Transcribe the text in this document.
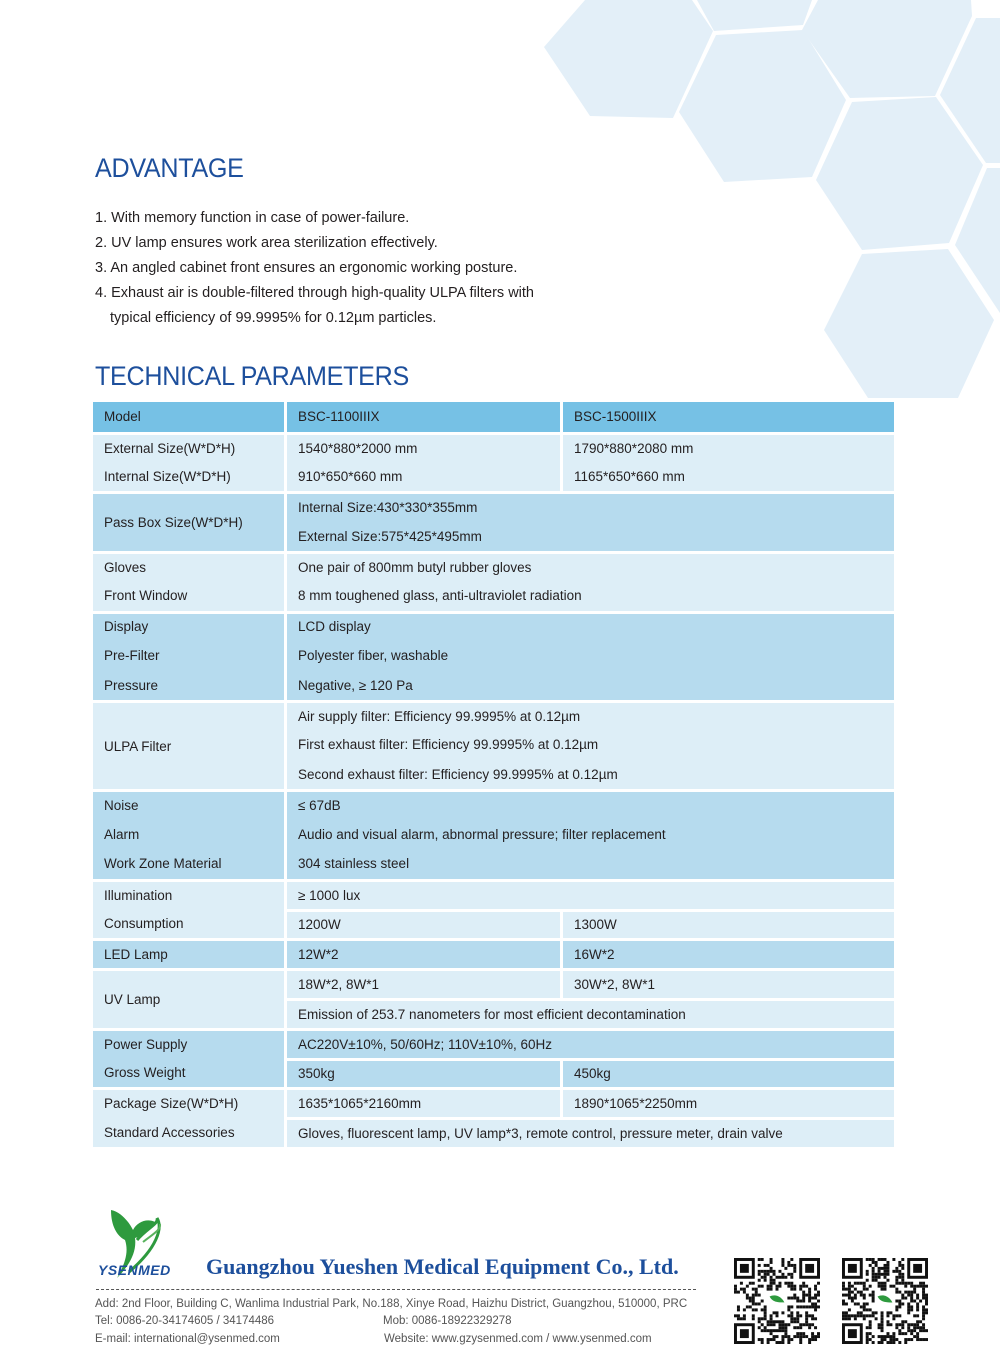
ADVANTAGE
1. With memory function in case of power-failure.
2. UV lamp ensures work area sterilization effectively.
3. An angled cabinet front ensures an ergonomic working posture.
4. Exhaust air is double-filtered through high-quality ULPA filters with
typical efficiency of 99.9995% for 0.12µm particles.
TECHNICAL PARAMETERS
Model	BSC-1100IIIX	BSC-1500IIIX
External Size(W*D*H)	1540*880*2000 mm	1790*880*2080 mm
Internal Size(W*D*H)	910*650*660 mm	1165*650*660 mm
Pass Box Size(W*D*H)	Internal Size:430*330*355mm	
	External Size:575*425*495mm	
Gloves	One pair of 800mm butyl rubber gloves	
Front Window	8 mm toughened glass, anti-ultraviolet radiation	
Display	LCD display	
Pre-Filter	Polyester fiber, washable	
Pressure	Negative, ≥ 120 Pa	
ULPA Filter	Air supply filter: Efficiency 99.9995% at 0.12µm	
	First exhaust filter: Efficiency 99.9995% at 0.12µm	
	Second exhaust filter: Efficiency 99.9995% at 0.12µm	
Noise	≤ 67dB	
Alarm	Audio and visual alarm, abnormal pressure; filter replacement	
Work Zone Material	304 stainless steel	
Illumination	≥ 1000 lux	
Consumption	1200W	1300W
LED Lamp	12W*2	16W*2
UV Lamp	18W*2, 8W*1	30W*2, 8W*1
	Emission of 253.7 nanometers for most efficient decontamination	
Power Supply	AC220V±10%, 50/60Hz; 110V±10%, 60Hz	
Gross Weight	350kg	450kg
Package Size(W*D*H)	1635*1065*2160mm	1890*1065*2250mm
Standard Accessories	Gloves, fluorescent lamp, UV lamp*3, remote control, pressure meter, drain valve	
YSENMED Guangzhou Yueshen Medical Equipment Co., Ltd.
Add: 2nd Floor, Building C, Wanlima Industrial Park, No.188, Xinye Road, Haizhu District, Guangzhou, 510000, PRC
Tel: 0086-20-34174605 / 34174486	Mob: 0086-18922329278
E-mail: international@ysenmed.com	Website: www.gzysenmed.com / www.ysenmed.com
